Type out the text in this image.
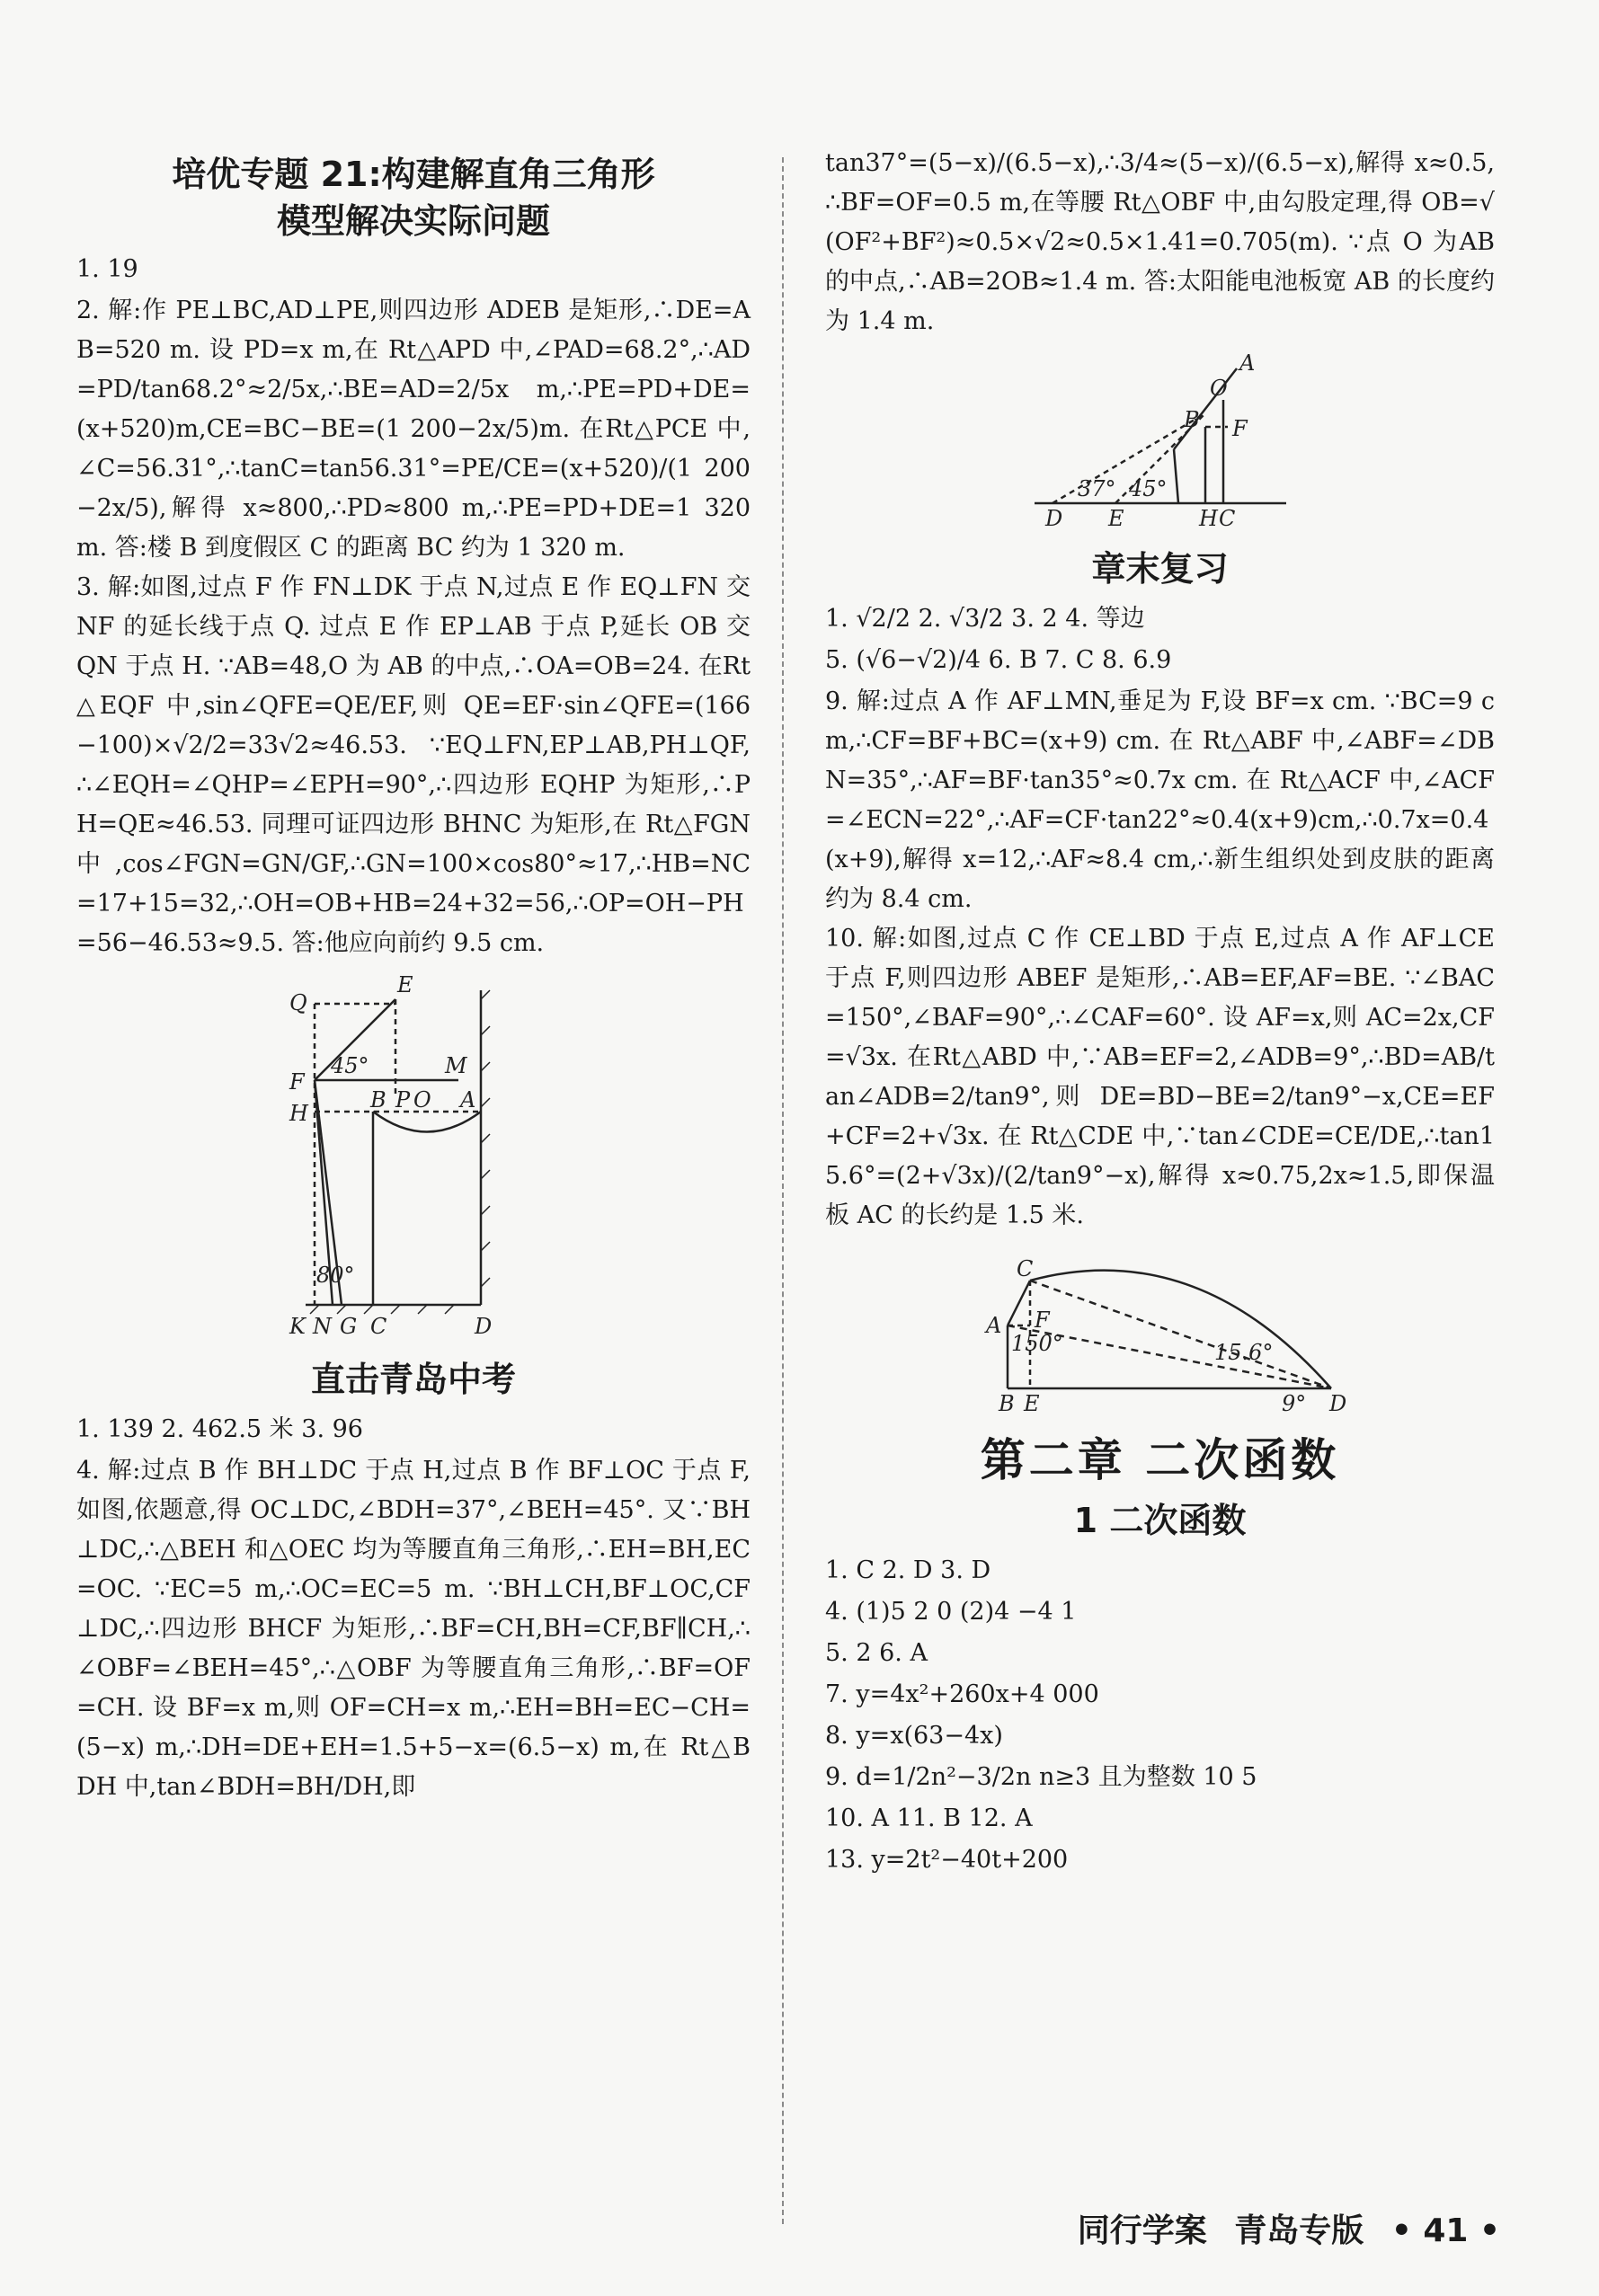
培优专题 21:构建解直角三角形
模型解决实际问题

1. 19

2. 解:作 PE⊥BC,AD⊥PE,则四边形 ADEB 是矩形,∴DE=AB=520 m. 设 PD=x m,在 Rt△APD 中,∠PAD=68.2°,∴AD=PD/tan68.2°≈2/5x,∴BE=AD=2/5x m,∴PE=PD+DE=(x+520)m,CE=BC−BE=(1 200−2x/5)m. 在Rt△PCE 中,∠C=56.31°,∴tanC=tan56.31°=PE/CE=(x+520)/(1 200−2x/5),解得 x≈800,∴PD≈800 m,∴PE=PD+DE=1 320 m. 答:楼 B 到度假区 C 的距离 BC 约为 1 320 m.

3. 解:如图,过点 F 作 FN⊥DK 于点 N,过点 E 作 EQ⊥FN 交 NF 的延长线于点 Q. 过点 E 作 EP⊥AB 于点 P,延长 OB 交 QN 于点 H. ∵AB=48,O 为 AB 的中点,∴OA=OB=24. 在Rt△EQF 中,sin∠QFE=QE/EF,则 QE=EF·sin∠QFE=(166−100)×√2/2=33√2≈46.53. ∵EQ⊥FN,EP⊥AB,PH⊥QF,∴∠EQH=∠QHP=∠EPH=90°,∴四边形 EQHP 为矩形,∴PH=QE≈46.53. 同理可证四边形 BHNC 为矩形,在 Rt△FGN 中,cos∠FGN=GN/GF,∴GN=100×cos80°≈17,∴HB=NC=17+15=32,∴OH=OB+HB=24+32=56,∴OP=OH−PH=56−46.53≈9.5. 答:他应向前约 9.5 cm.

E
Q
45°	M
F
H
B P O A
80°
K N G C	D
直击青岛中考

1. 139 2. 462.5 米 3. 96

4. 解:过点 B 作 BH⊥DC 于点 H,过点 B 作 BF⊥OC 于点 F,如图,依题意,得 OC⊥DC,∠BDH=37°,∠BEH=45°. 又∵BH⊥DC,∴△BEH 和△OEC 均为等腰直角三角形,∴EH=BH,EC=OC. ∵EC=5 m,∴OC=EC=5 m. ∵BH⊥CH,BF⊥OC,CF⊥DC,∴四边形 BHCF 为矩形,∴BF=CH,BH=CF,BF∥CH,∴∠OBF=∠BEH=45°,∴△OBF 为等腰直角三角形,∴BF=OF=CH. 设 BF=x m,则 OF=CH=x m,∴EH=BH=EC−CH=(5−x) m,∴DH=DE+EH=1.5+5−x=(6.5−x) m,在 Rt△BDH 中,tan∠BDH=BH/DH,即

tan37°=(5−x)/(6.5−x),∴3/4≈(5−x)/(6.5−x),解得 x≈0.5,∴BF=OF=0.5 m,在等腰 Rt△OBF 中,由勾股定理,得 OB=√(OF²+BF²)≈0.5×√2≈0.5×1.41=0.705(m). ∵点 O 为AB 的中点,∴AB=2OB≈1.4 m. 答:太阳能电池板宽 AB 的长度约为 1.4 m.

A
O
B F
37° 45°
D E	H C
章末复习

1. √2/2 2. √3/2 3. 2 4. 等边

5. (√6−√2)/4 6. B 7. C 8. 6.9

9. 解:过点 A 作 AF⊥MN,垂足为 F,设 BF=x cm. ∵BC=9 cm,∴CF=BF+BC=(x+9) cm. 在 Rt△ABF 中,∠ABF=∠DBN=35°,∴AF=BF·tan35°≈0.7x cm. 在 Rt△ACF 中,∠ACF=∠ECN=22°,∴AF=CF·tan22°≈0.4(x+9)cm,∴0.7x=0.4(x+9),解得 x=12,∴AF≈8.4 cm,∴新生组织处到皮肤的距离约为 8.4 cm.

10. 解:如图,过点 C 作 CE⊥BD 于点 E,过点 A 作 AF⊥CE 于点 F,则四边形 ABEF 是矩形,∴AB=EF,AF=BE. ∵∠BAC=150°,∠BAF=90°,∴∠CAF=60°. 设 AF=x,则 AC=2x,CF=√3x. 在Rt△ABD 中,∵AB=EF=2,∠ADB=9°,∴BD=AB/tan∠ADB=2/tan9°,则 DE=BD−BE=2/tan9°−x,CE=EF+CF=2+√3x. 在 Rt△CDE 中,∵tan∠CDE=CE/DE,∴tan15.6°=(2+√3x)/(2/tan9°−x),解得 x≈0.75,2x≈1.5,即保温板 AC 的长约是 1.5 米.

C
A F
150°	15.6°
B E	9° D
第二章 二次函数
1 二次函数

1. C 2. D 3. D

4. (1)5 2 0 (2)4 −4 1

5. 2 6. A

7. y=4x²+260x+4 000

8. y=x(63−4x)

9. d=1/2n²−3/2n n≥3 且为整数 10 5

10. A 11. B 12. A

13. y=2t²−40t+200

同行学案 青岛专版 • 41 •
